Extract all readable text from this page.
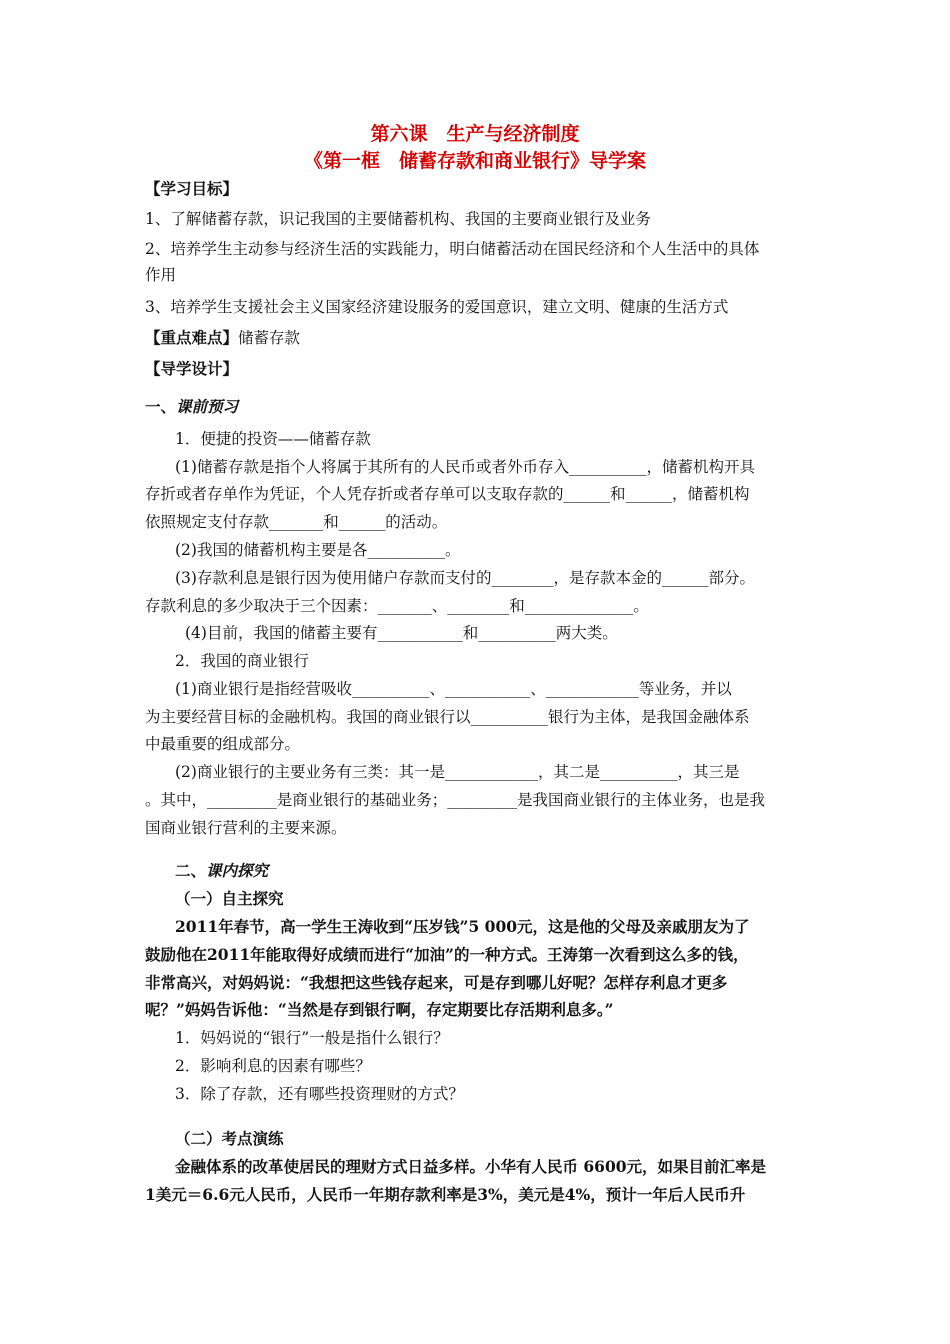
第六课　生产与经济制度
《第一框　储蓄存款和商业银行》导学案
【学习目标】
1、了解储蓄存款，识记我国的主要储蓄机构、我国的主要商业银行及业务
2、培养学生主动参与经济生活的实践能力，明白储蓄活动在国民经济和个人生活中的具体
作用
3、培养学生支援社会主义国家经济建设服务的爱国意识，建立文明、健康的生活方式
【重点难点】储蓄存款
【导学设计】
一、课前预习
1．便捷的投资——储蓄存款
(1)储蓄存款是指个人将属于其所有的人民币或者外币存入__________，储蓄机构开具
存折或者存单作为凭证，个人凭存折或者存单可以支取存款的______和______，储蓄机构
依照规定支付存款_______和______的活动。
(2)我国的储蓄机构主要是各__________。
(3)存款利息是银行因为使用储户存款而支付的________，是存款本金的______部分。
存款利息的多少取决于三个因素：_______、________和______________。
(4)目前，我国的储蓄主要有___________和__________两大类。
2．我国的商业银行
(1)商业银行是指经营吸收__________、___________、____________等业务，并以
为主要经营目标的金融机构。我国的商业银行以__________银行为主体，是我国金融体系
中最重要的组成部分。
(2)商业银行的主要业务有三类：其一是____________，其二是__________，其三是
。其中，_________是商业银行的基础业务；_________是我国商业银行的主体业务，也是我
国商业银行营利的主要来源。
二、课内探究
（一）自主探究
2011年春节，高一学生王涛收到“压岁钱”5 000元，这是他的父母及亲戚朋友为了
鼓励他在2011年能取得好成绩而进行“加油”的一种方式。王涛第一次看到这么多的钱，
非常高兴，对妈妈说：“我想把这些钱存起来，可是存到哪儿好呢？怎样存利息才更多
呢？”妈妈告诉他：“当然是存到银行啊，存定期要比存活期利息多。”
1．妈妈说的“银行”一般是指什么银行？
2．影响利息的因素有哪些？
3．除了存款，还有哪些投资理财的方式？
（二）考点演练
金融体系的改革使居民的理财方式日益多样。小华有人民币 6600元，如果目前汇率是
1美元＝6.6元人民币，人民币一年期存款利率是3%，美元是4%，预计一年后人民币升
